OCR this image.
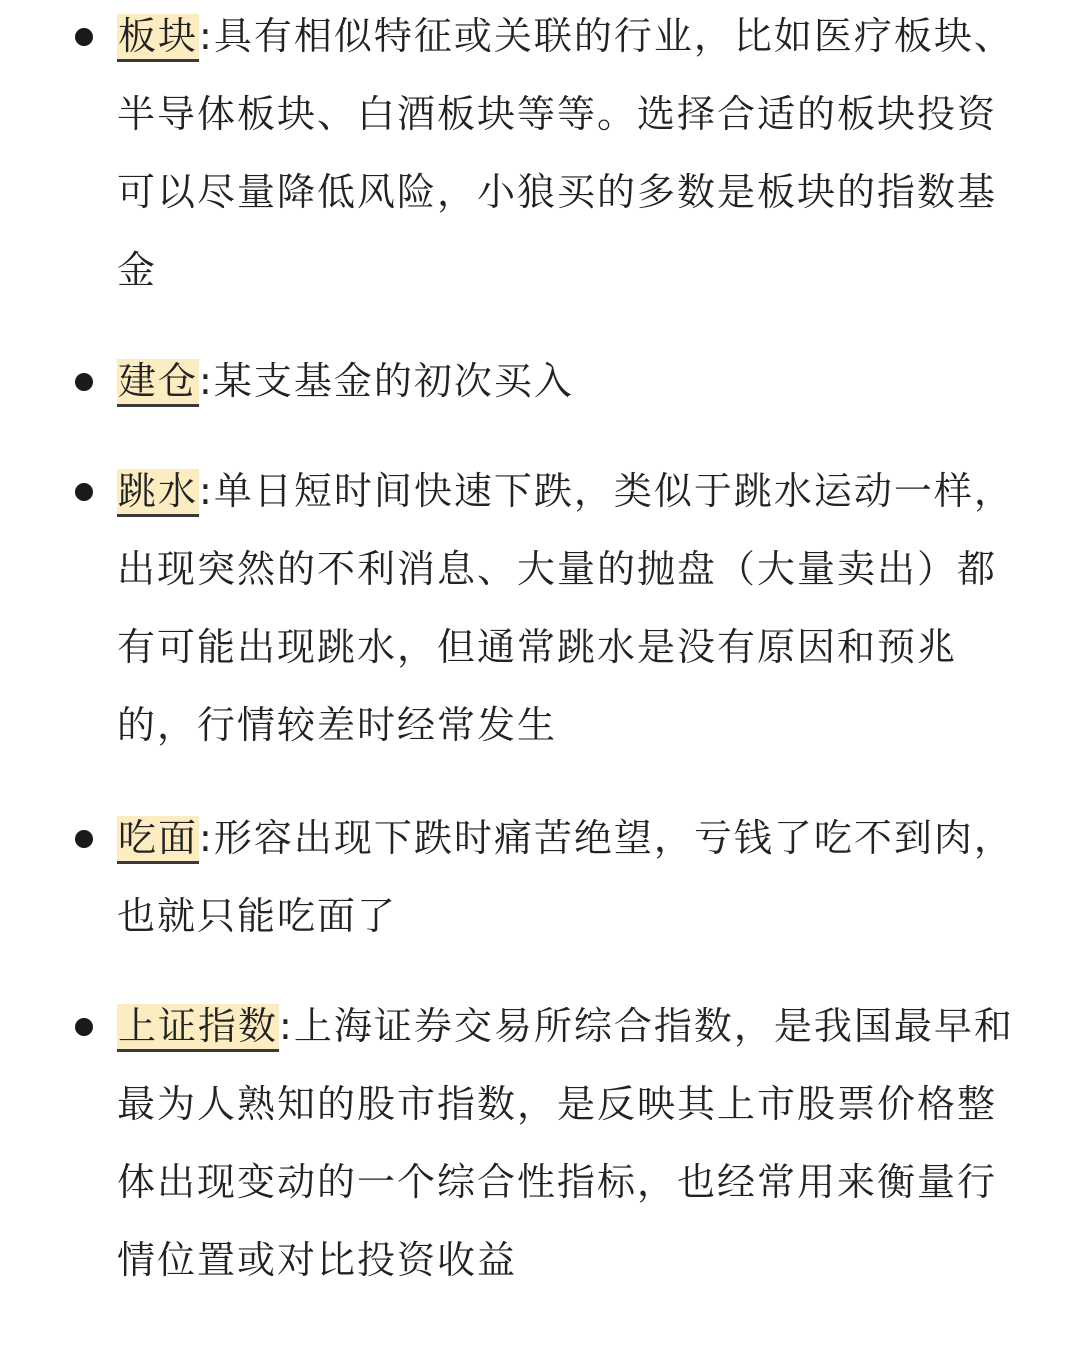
板块:具有相似特征或关联的行业，比如医疗板块、半导体板块、白酒板块等等。选择合适的板块投资可以尽量降低风险，小狼买的多数是板块的指数基金
建仓:某支基金的初次买入
跳水:单日短时间快速下跌，类似于跳水运动一样，出现突然的不利消息、大量的抛盘（大量卖出）都有可能出现跳水，但通常跳水是没有原因和预兆的，行情较差时经常发生
吃面:形容出现下跌时痛苦绝望，亏钱了吃不到肉，也就只能吃面了
上证指数:上海证券交易所综合指数，是我国最早和最为人熟知的股市指数，是反映其上市股票价格整体出现变动的一个综合性指标，也经常用来衡量行情位置或对比投资收益
